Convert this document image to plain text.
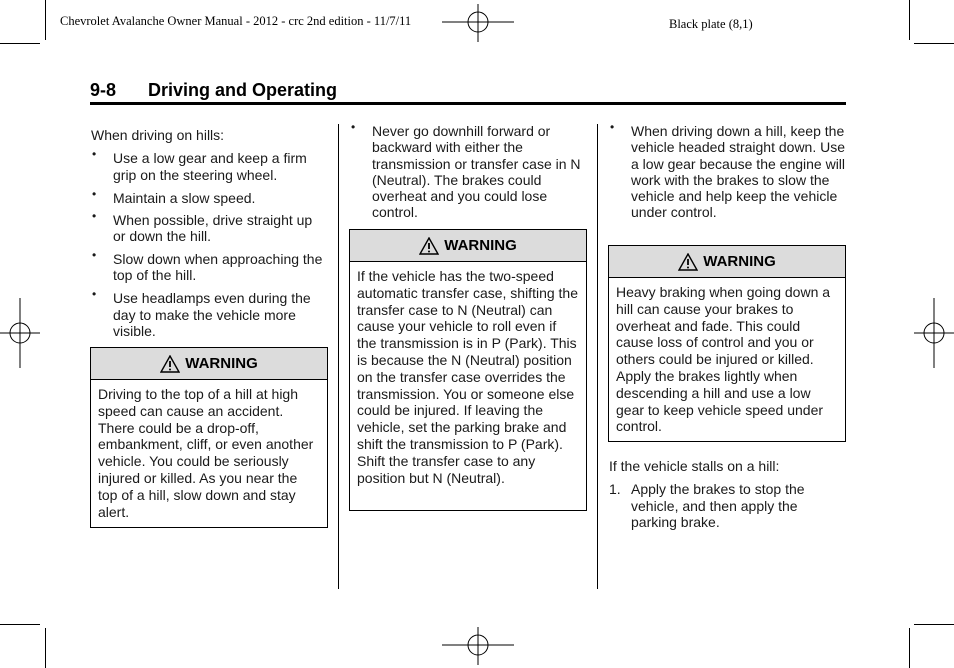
Chevrolet Avalanche Owner Manual - 2012 - crc 2nd edition - 11/7/11	Black plate (8,1)
9-8 Driving and Operating

When driving on hills:

• Use a low gear and keep a firm grip on the steering wheel.
• Maintain a slow speed.
• When possible, drive straight up or down the hill.
• Slow down when approaching the top of the hill.
• Use headlamps even during the day to make the vehicle more visible.
WARNING
Driving to the top of a hill at high speed can cause an accident. There could be a drop-off, embankment, cliff, or even another vehicle. You could be seriously injured or killed. As you near the top of a hill, slow down and stay alert.
• Never go downhill forward or backward with either the transmission or transfer case in N (Neutral). The brakes could overheat and you could lose control.
WARNING
If the vehicle has the two-speed automatic transfer case, shifting the transfer case to N (Neutral) can cause your vehicle to roll even if the transmission is in P (Park). This is because the N (Neutral) position on the transfer case overrides the transmission. You or someone else could be injured. If leaving the vehicle, set the parking brake and shift the transmission to P (Park). Shift the transfer case to any position but N (Neutral).
• When driving down a hill, keep the vehicle headed straight down. Use a low gear because the engine will work with the brakes to slow the vehicle and help keep the vehicle under control.
WARNING
Heavy braking when going down a hill can cause your brakes to overheat and fade. This could cause loss of control and you or others could be injured or killed. Apply the brakes lightly when descending a hill and use a low gear to keep vehicle speed under control.

If the vehicle stalls on a hill:

1. Apply the brakes to stop the vehicle, and then apply the parking brake.
